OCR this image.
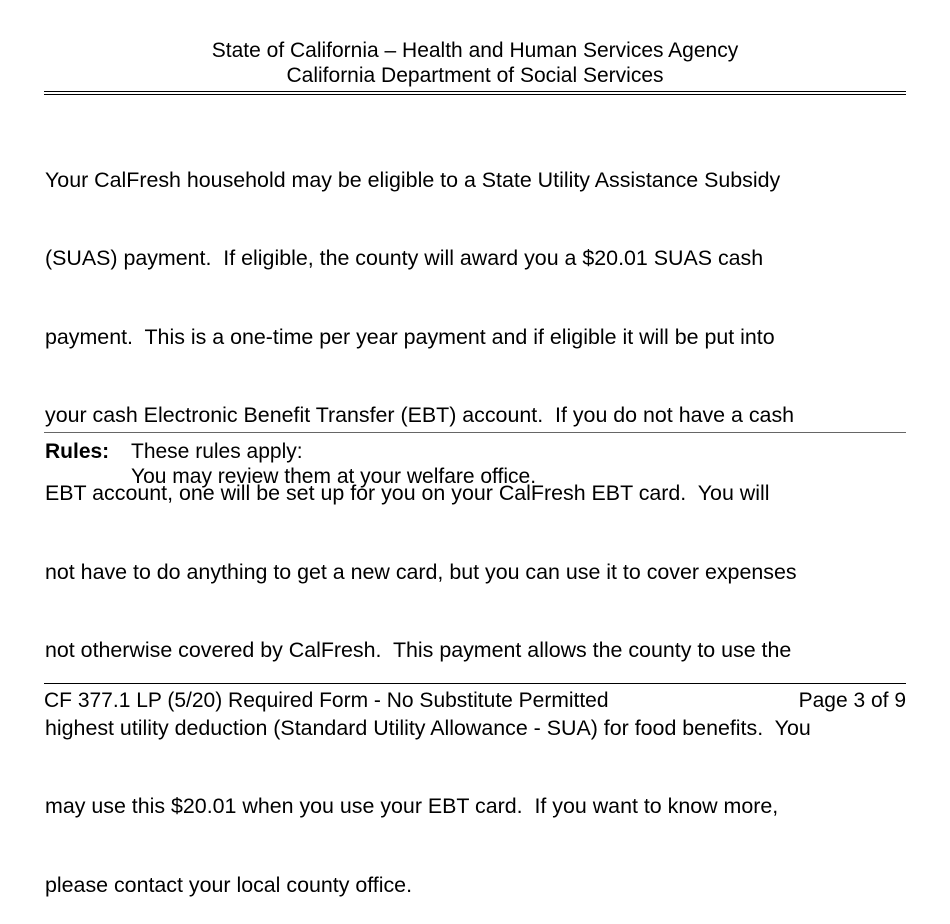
State of California – Health and Human Services Agency
California Department of Social Services

Your CalFresh household may be eligible to a State Utility Assistance Subsidy

(SUAS) payment.  If eligible, the county will award you a $20.01 SUAS cash

payment.  This is a one-time per year payment and if eligible it will be put into

your cash Electronic Benefit Transfer (EBT) account.  If you do not have a cash

EBT account, one will be set up for you on your CalFresh EBT card.  You will

not have to do anything to get a new card, but you can use it to cover expenses

not otherwise covered by CalFresh.  This payment allows the county to use the

highest utility deduction (Standard Utility Allowance - SUA) for food benefits.  You

may use this $20.01 when you use your EBT card.  If you want to know more,

please contact your local county office.

Rules: These rules apply:
You may review them at your welfare office.
CF 377.1 LP (5/20) Required Form - No Substitute Permitted	Page 3 of 9
